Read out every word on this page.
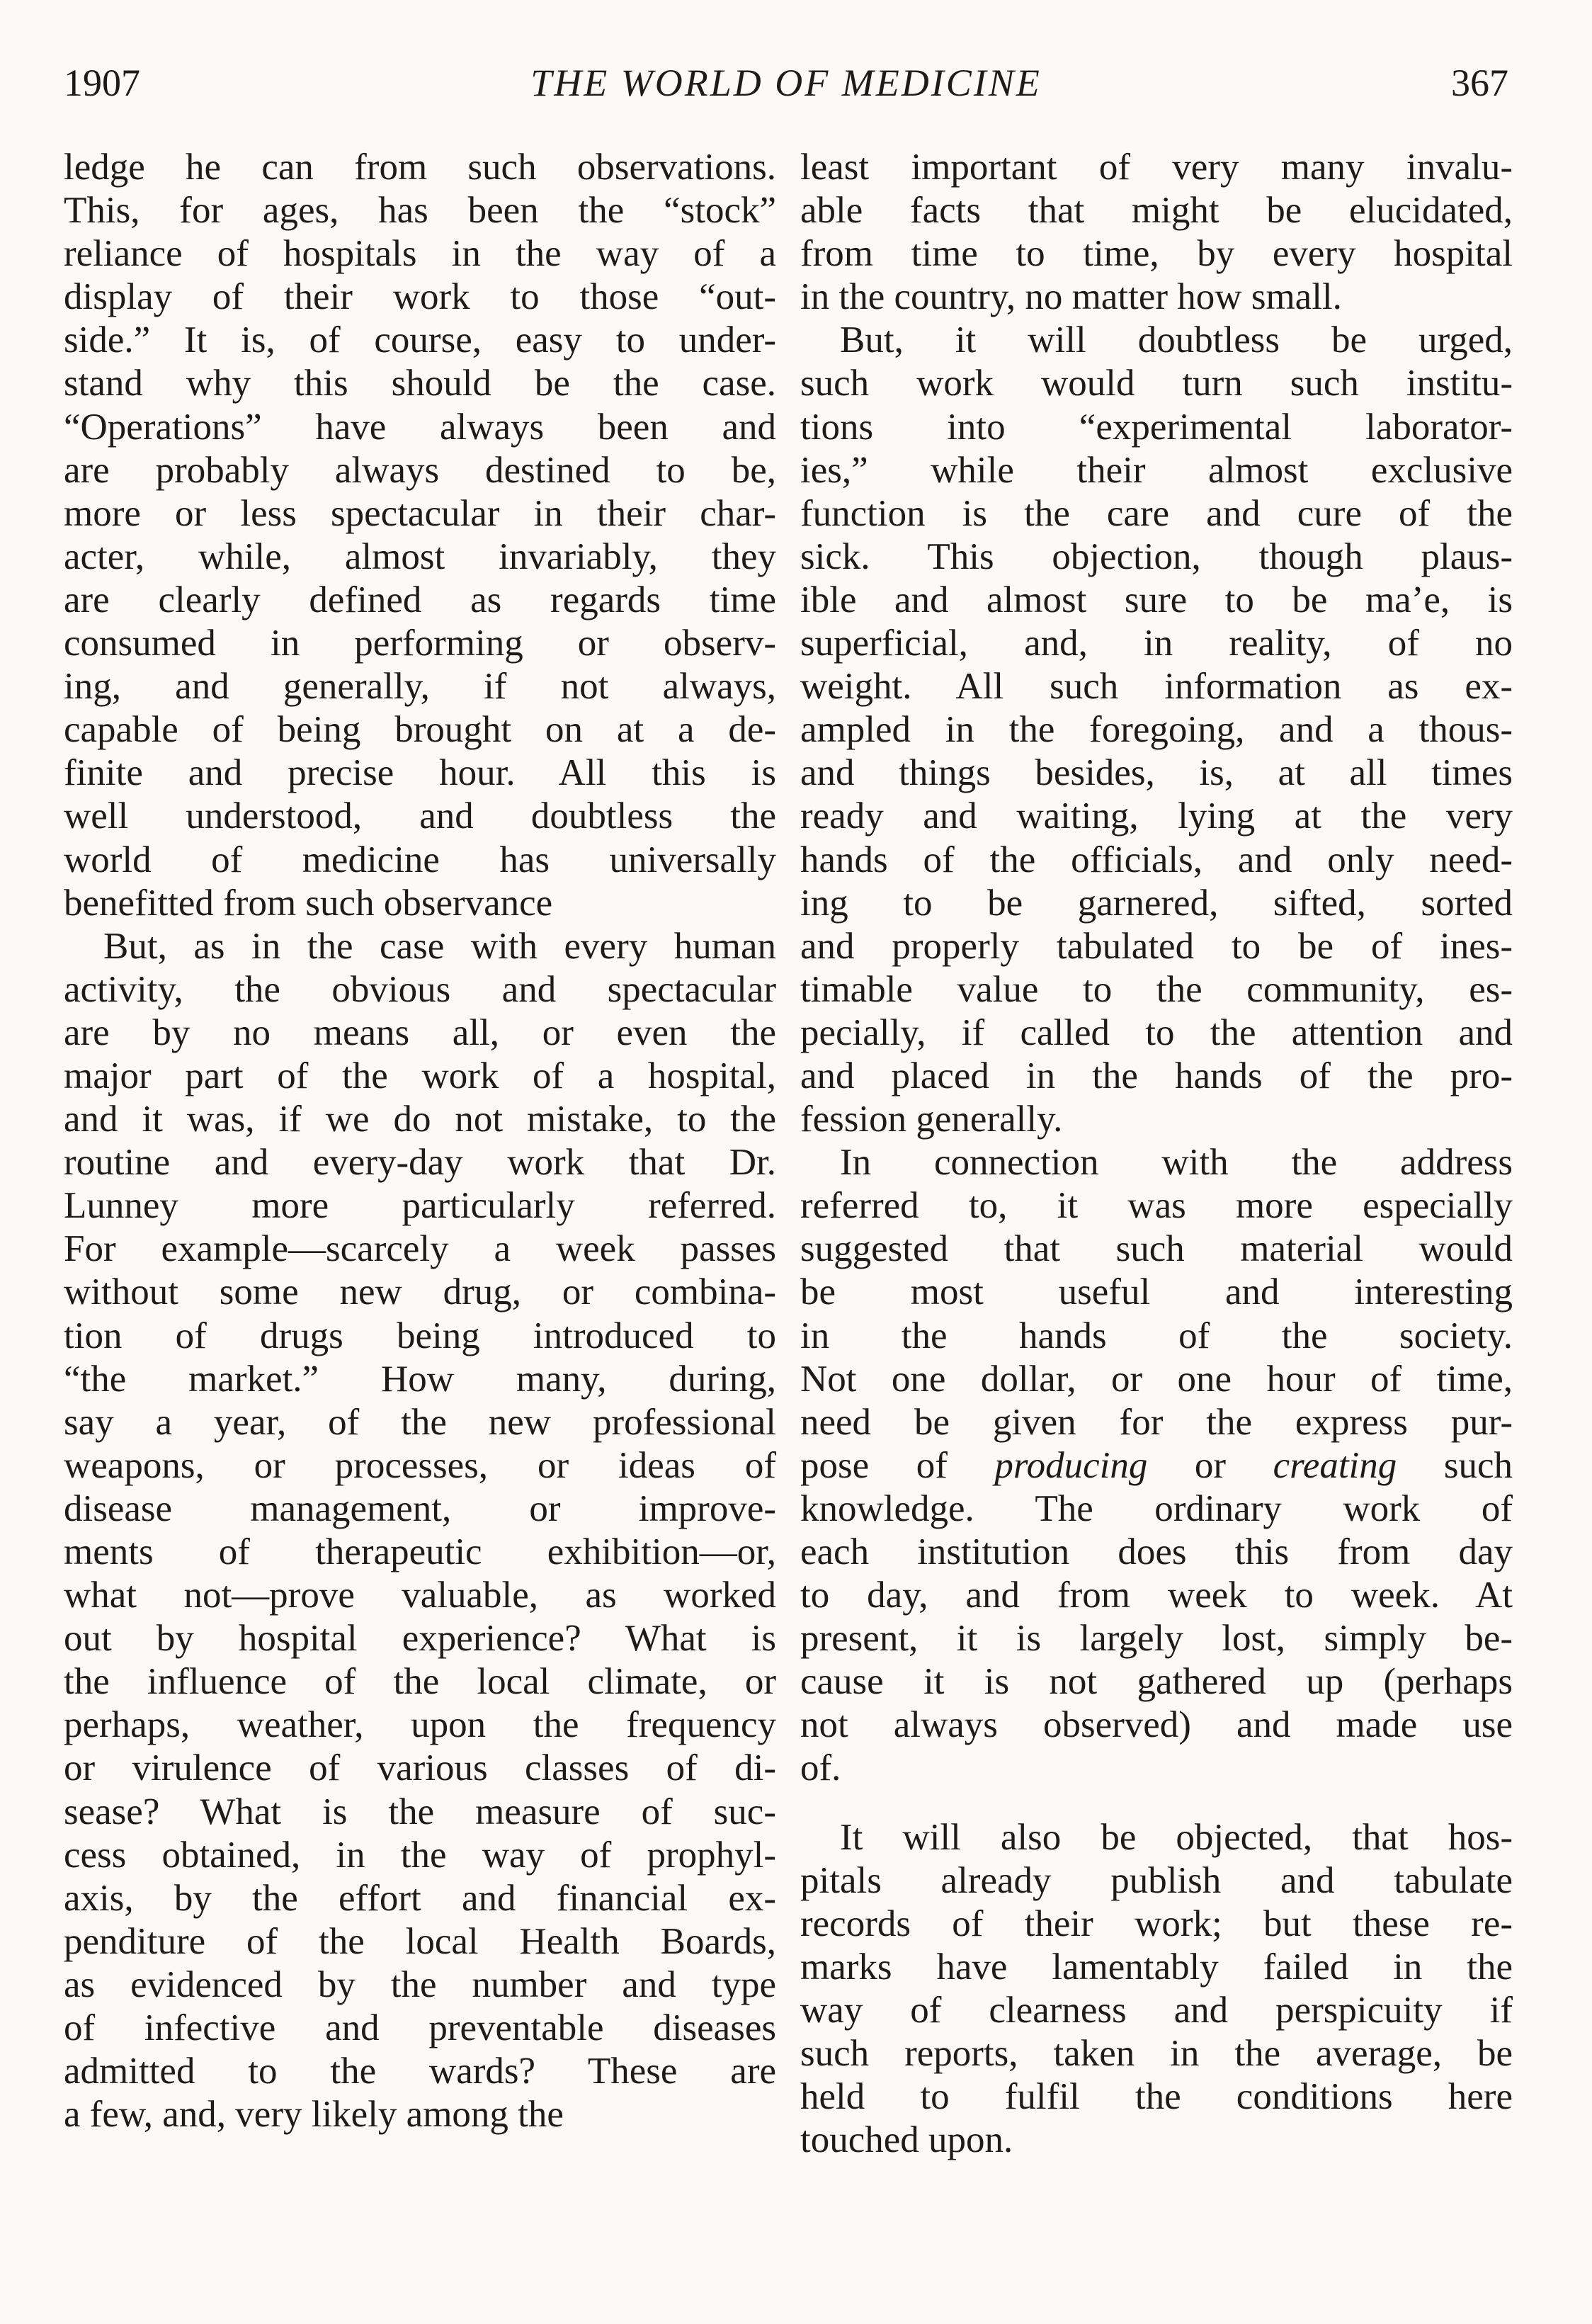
1907	THE WORLD OF MEDICINE	367
ledge he can from such observations.
This, for ages, has been the “stock”
reliance of hospitals in the way of a
display of their work to those “out-
side.” It is, of course, easy to under-
stand why this should be the case.
“Operations” have always been and
are probably always destined to be,
more or less spectacular in their char-
acter, while, almost invariably, they
are clearly defined as regards time
consumed in performing or observ-
ing, and generally, if not always,
capable of being brought on at a de-
finite and precise hour. All this is
well understood, and doubtless the
world of medicine has universally
benefitted from such observance
But, as in the case with every human
activity, the obvious and spectacular
are by no means all, or even the
major part of the work of a hospital,
and it was, if we do not mistake, to the
routine and every-day work that Dr.
Lunney more particularly referred.
For example—scarcely a week passes
without some new drug, or combina-
tion of drugs being introduced to
“the market.” How many, during,
say a year, of the new professional
weapons, or processes, or ideas of
disease management, or improve-
ments of therapeutic exhibition—or,
what not—prove valuable, as worked
out by hospital experience? What is
the influence of the local climate, or
perhaps, weather, upon the frequency
or virulence of various classes of di-
sease? What is the measure of suc-
cess obtained, in the way of prophyl-
axis, by the effort and financial ex-
penditure of the local Health Boards,
as evidenced by the number and type
of infective and preventable diseases
admitted to the wards? These are
a few, and, very likely among the
least important of very many invalu-
able facts that might be elucidated,
from time to time, by every hospital
in the country, no matter how small.
But, it will doubtless be urged,
such work would turn such institu-
tions into “experimental laborator-
ies,” while their almost exclusive
function is the care and cure of the
sick. This objection, though plaus-
ible and almost sure to be ma’e, is
superficial, and, in reality, of no
weight. All such information as ex-
ampled in the foregoing, and a thous-
and things besides, is, at all times
ready and waiting, lying at the very
hands of the officials, and only need-
ing to be garnered, sifted, sorted
and properly tabulated to be of ines-
timable value to the community, es-
pecially, if called to the attention and
and placed in the hands of the pro-
fession generally.
In connection with the address
referred to, it was more especially
suggested that such material would
be most useful and interesting
in the hands of the society.
Not one dollar, or one hour of time,
need be given for the express pur-
pose of producing or creating such
knowledge. The ordinary work of
each institution does this from day
to day, and from week to week. At
present, it is largely lost, simply be-
cause it is not gathered up (perhaps
not always observed) and made use
of.
It will also be objected, that hos-
pitals already publish and tabulate
records of their work; but these re-
marks have lamentably failed in the
way of clearness and perspicuity if
such reports, taken in the average, be
held to fulfil the conditions here
touched upon.
